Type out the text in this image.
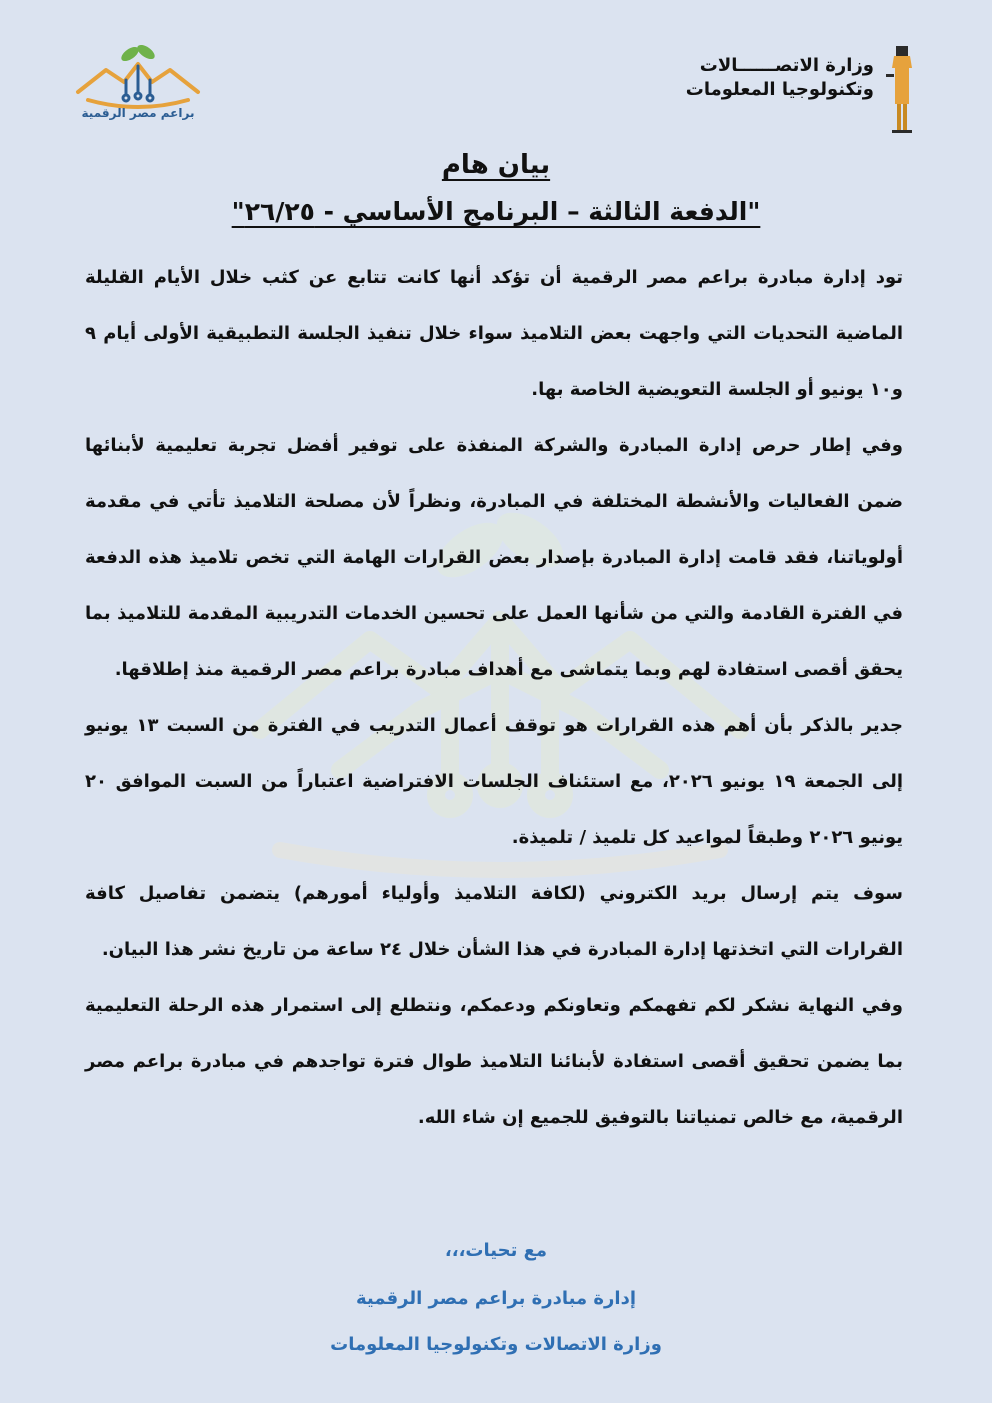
براعم مصر الرقمية
وزارة الاتصــــــالات
وتكنولوجيا المعلومات
بيان هام
"الدفعة الثالثة – البرنامج الأساسي - ٢٦/٢٥"

تود إدارة مبادرة براعم مصر الرقمية أن تؤكد أنها كانت تتابع عن كثب خلال الأيام القليلة الماضية التحديات التي واجهت بعض التلاميذ سواء خلال تنفيذ الجلسة التطبيقية الأولى أيام ٩ و١٠ يونيو أو الجلسة التعويضية الخاصة بها.

وفي إطار حرص إدارة المبادرة والشركة المنفذة على توفير أفضل تجربة تعليمية لأبنائها ضمن الفعاليات والأنشطة المختلفة في المبادرة، ونظراً لأن مصلحة التلاميذ تأتي في مقدمة أولوياتنا، فقد قامت إدارة المبادرة بإصدار بعض القرارات الهامة التي تخص تلاميذ هذه الدفعة في الفترة القادمة والتي من شأنها العمل على تحسين الخدمات التدريبية المقدمة للتلاميذ بما يحقق أقصى استفادة لهم وبما يتماشى مع أهداف مبادرة براعم مصر الرقمية منذ إطلاقها.

جدير بالذكر بأن أهم هذه القرارات هو توقف أعمال التدريب في الفترة من السبت ١٣ يونيو إلى الجمعة ١٩ يونيو ٢٠٢٦، مع استئناف الجلسات الافتراضية اعتباراً من السبت الموافق ٢٠ يونيو ٢٠٢٦ وطبقاً لمواعيد كل تلميذ / تلميذة.

سوف يتم إرسال بريد الكتروني (لكافة التلاميذ وأولياء أمورهم) يتضمن تفاصيل كافة القرارات التي اتخذتها إدارة المبادرة في هذا الشأن خلال ٢٤ ساعة من تاريخ نشر هذا البيان.

وفي النهاية نشكر لكم تفهمكم وتعاونكم ودعمكم، ونتطلع إلى استمرار هذه الرحلة التعليمية بما يضمن تحقيق أقصى استفادة لأبنائنا التلاميذ طوال فترة تواجدهم في مبادرة براعم مصر الرقمية، مع خالص تمنياتنا بالتوفيق للجميع إن شاء الله.

مع تحيات،،،
إدارة مبادرة براعم مصر الرقمية
وزارة الاتصالات وتكنولوجيا المعلومات
